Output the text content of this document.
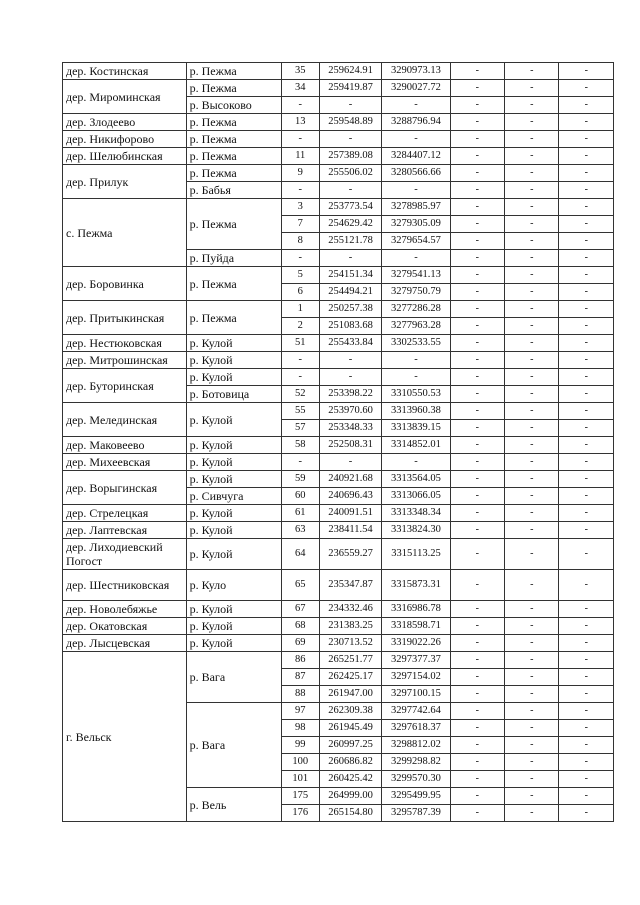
дер. Костинская	р. Пежма	35	259624.91	3290973.13	-	-	-
дер. Мироминская	р. Пежма	34	259419.87	3290027.72	-	-	-
	р. Высоково	-	-	-	-	-	-
дер. Злодеево	р. Пежма	13	259548.89	3288796.94	-	-	-
дер. Никифорово	р. Пежма	-	-	-	-	-	-
дер. Шелюбинская	р. Пежма	11	257389.08	3284407.12	-	-	-
дер. Прилук	р. Пежма	9	255506.02	3280566.66	-	-	-
	р. Бабья	-	-	-	-	-	-
с. Пежма	р. Пежма	3	253773.54	3278985.97	-	-	-
		7	254629.42	3279305.09	-	-	-
		8	255121.78	3279654.57	-	-	-
	р. Пуйда	-	-	-	-	-	-
дер. Боровинка	р. Пежма	5	254151.34	3279541.13	-	-	-
		6	254494.21	3279750.79	-	-	-
дер. Притыкинская	р. Пежма	1	250257.38	3277286.28	-	-	-
		2	251083.68	3277963.28	-	-	-
дер. Нестюковская	р. Кулой	51	255433.84	3302533.55	-	-	-
дер. Митрошинская	р. Кулой	-	-	-	-	-	-
дер. Буторинская	р. Кулой	-	-	-	-	-	-
	р. Ботовица	52	253398.22	3310550.53	-	-	-
дер. Мелединская	р. Кулой	55	253970.60	3313960.38	-	-	-
		57	253348.33	3313839.15	-	-	-
дер. Маковеево	р. Кулой	58	252508.31	3314852.01	-	-	-
дер. Михеевская	р. Кулой	-	-	-	-	-	-
дер. Ворыгинская	р. Кулой	59	240921.68	3313564.05	-	-	-
	р. Сивчуга	60	240696.43	3313066.05	-	-	-
дер. Стрелецкая	р. Кулой	61	240091.51	3313348.34	-	-	-
дер. Лаптевская	р. Кулой	63	238411.54	3313824.30	-	-	-
дер. Лиходиевский Погост	р. Кулой	64	236559.27	3315113.25	-	-	-
дер. Шестниковская	р. Куло	65	235347.87	3315873.31	-	-	-
дер. Новолебяжье	р. Кулой	67	234332.46	3316986.78	-	-	-
дер. Окатовская	р. Кулой	68	231383.25	3318598.71	-	-	-
дер. Лысцевская	р. Кулой	69	230713.52	3319022.26	-	-	-
г. Вельск	р. Вага	86	265251.77	3297377.37	-	-	-
		87	262425.17	3297154.02	-	-	-
		88	261947.00	3297100.15	-	-	-
	р. Вага	97	262309.38	3297742.64	-	-	-
		98	261945.49	3297618.37	-	-	-
		99	260997.25	3298812.02	-	-	-
		100	260686.82	3299298.82	-	-	-
		101	260425.42	3299570.30	-	-	-
	р. Вель	175	264999.00	3295499.95	-	-	-
		176	265154.80	3295787.39	-	-	-
